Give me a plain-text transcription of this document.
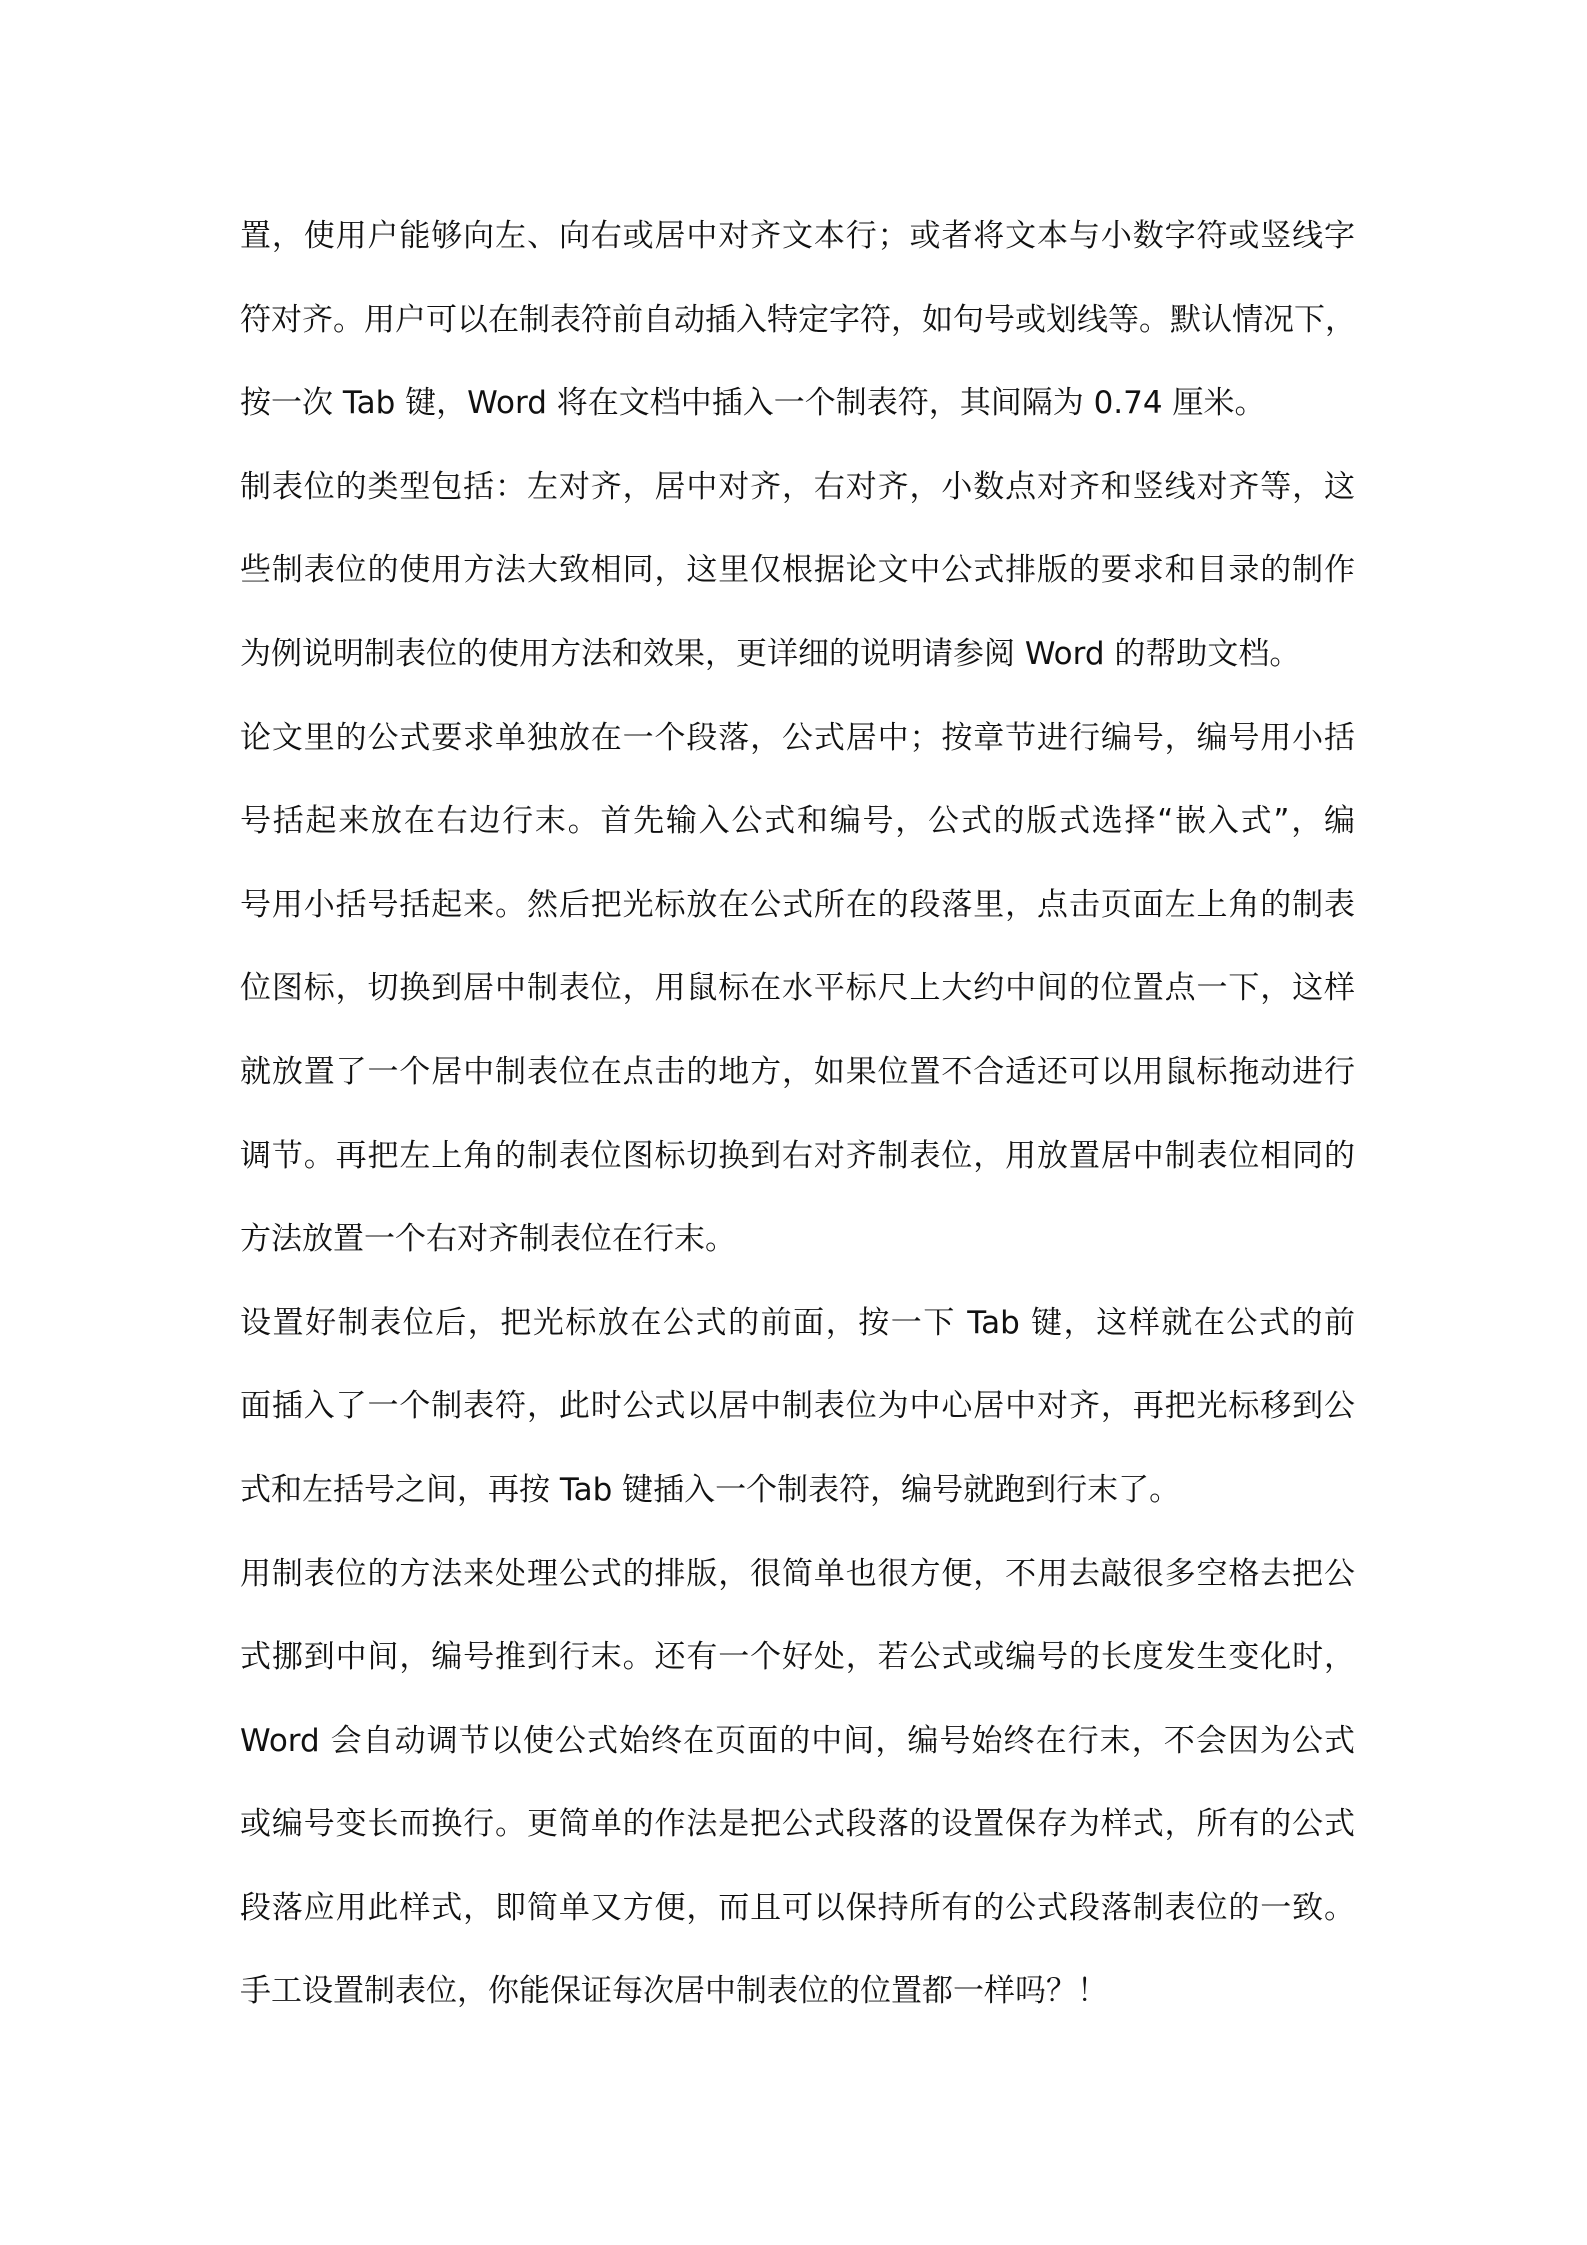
置，使用户能够向左、向右或居中对齐文本行；或者将文本与小数字符或竖线字
符对齐。用户可以在制表符前自动插入特定字符，如句号或划线等。默认情况下，
按一次 Tab 键，Word 将在文档中插入一个制表符，其间隔为 0.74 厘米。
制表位的类型包括：左对齐，居中对齐，右对齐，小数点对齐和竖线对齐等，这
些制表位的使用方法大致相同，这里仅根据论文中公式排版的要求和目录的制作
为例说明制表位的使用方法和效果，更详细的说明请参阅 Word 的帮助文档。
论文里的公式要求单独放在一个段落，公式居中；按章节进行编号，编号用小括
号括起来放在右边行末。首先输入公式和编号，公式的版式选择“嵌入式”，编
号用小括号括起来。然后把光标放在公式所在的段落里，点击页面左上角的制表
位图标，切换到居中制表位，用鼠标在水平标尺上大约中间的位置点一下，这样
就放置了一个居中制表位在点击的地方，如果位置不合适还可以用鼠标拖动进行
调节。再把左上角的制表位图标切换到右对齐制表位，用放置居中制表位相同的
方法放置一个右对齐制表位在行末。
设置好制表位后，把光标放在公式的前面，按一下 Tab 键，这样就在公式的前
面插入了一个制表符，此时公式以居中制表位为中心居中对齐，再把光标移到公
式和左括号之间，再按 Tab 键插入一个制表符，编号就跑到行末了。
用制表位的方法来处理公式的排版，很简单也很方便，不用去敲很多空格去把公
式挪到中间，编号推到行末。还有一个好处，若公式或编号的长度发生变化时，
Word 会自动调节以使公式始终在页面的中间，编号始终在行末，不会因为公式
或编号变长而换行。更简单的作法是把公式段落的设置保存为样式，所有的公式
段落应用此样式，即简单又方便，而且可以保持所有的公式段落制表位的一致。
手工设置制表位，你能保证每次居中制表位的位置都一样吗？！
